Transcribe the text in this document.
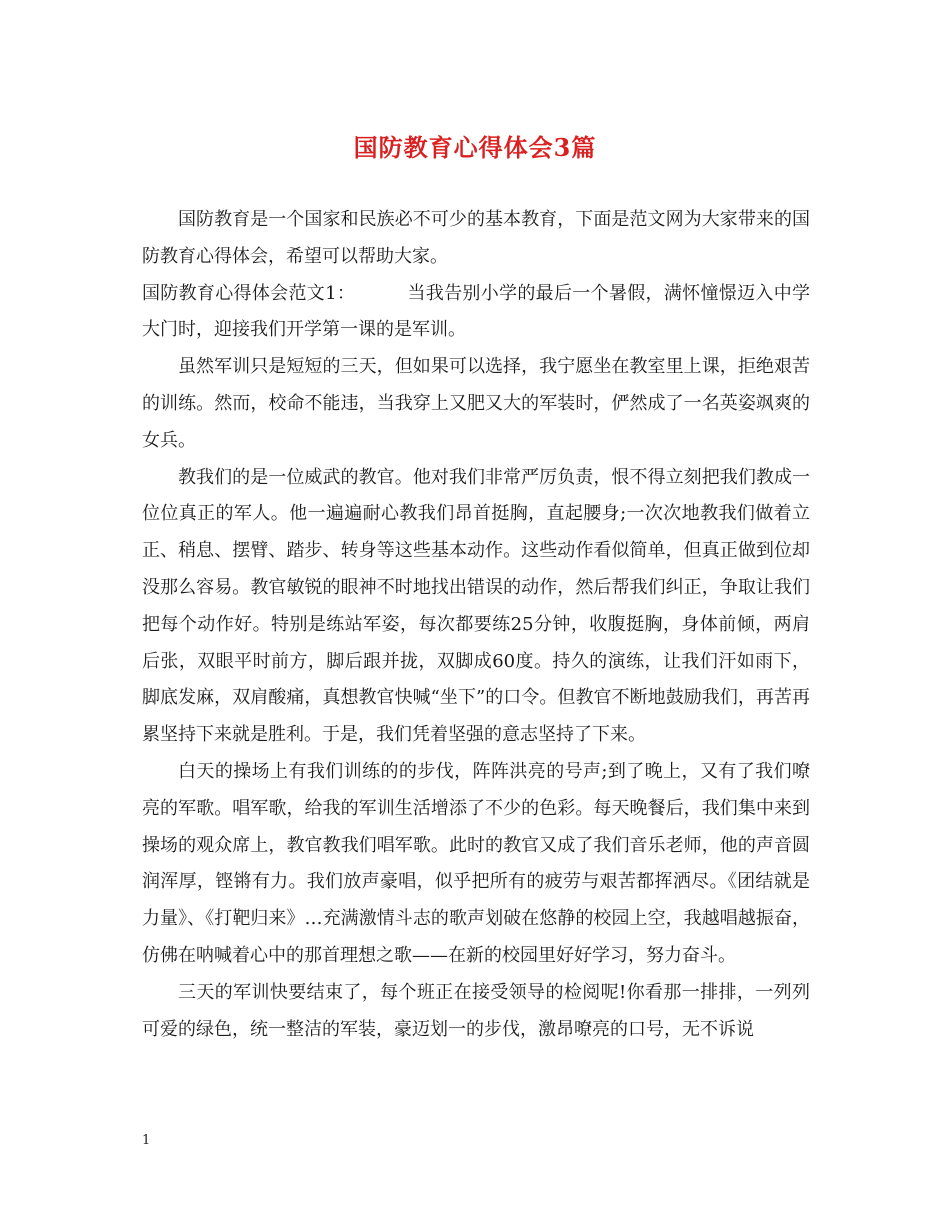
国防教育心得体会3篇

国防教育是一个国家和民族必不可少的基本教育，下面是范文网为大家带来的国防教育心得体会，希望可以帮助大家。

国防教育心得体会范文1：	当我告别小学的最后一个暑假，满怀憧憬迈入中学大门时，迎接我们开学第一课的是军训。

虽然军训只是短短的三天，但如果可以选择，我宁愿坐在教室里上课，拒绝艰苦的训练。然而，校命不能违，当我穿上又肥又大的军装时，俨然成了一名英姿飒爽的女兵。

教我们的是一位威武的教官。他对我们非常严厉负责，恨不得立刻把我们教成一位位真正的军人。他一遍遍耐心教我们昂首挺胸，直起腰身;一次次地教我们做着立正、稍息、摆臂、踏步、转身等这些基本动作。这些动作看似简单，但真正做到位却没那么容易。教官敏锐的眼神不时地找出错误的动作，然后帮我们纠正，争取让我们把每个动作好。特别是练站军姿，每次都要练25分钟，收腹挺胸，身体前倾，两肩后张，双眼平时前方，脚后跟并拢，双脚成60度。持久的演练，让我们汗如雨下，脚底发麻，双肩酸痛，真想教官快喊“坐下”的口令。但教官不断地鼓励我们，再苦再累坚持下来就是胜利。于是，我们凭着坚强的意志坚持了下来。

白天的操场上有我们训练的的步伐，阵阵洪亮的号声;到了晚上，又有了我们嘹亮的军歌。唱军歌，给我的军训生活增添了不少的色彩。每天晚餐后，我们集中来到操场的观众席上，教官教我们唱军歌。此时的教官又成了我们音乐老师，他的声音圆润浑厚，铿锵有力。我们放声豪唱，似乎把所有的疲劳与艰苦都挥洒尽。《团结就是力量》、《打靶归来》…充满激情斗志的歌声划破在悠静的校园上空，我越唱越振奋，仿佛在呐喊着心中的那首理想之歌——在新的校园里好好学习，努力奋斗。

三天的军训快要结束了，每个班正在接受领导的检阅呢!你看那一排排，一列列可爱的绿色，统一整洁的军装，豪迈划一的步伐，激昂嘹亮的口号，无不诉说

1
